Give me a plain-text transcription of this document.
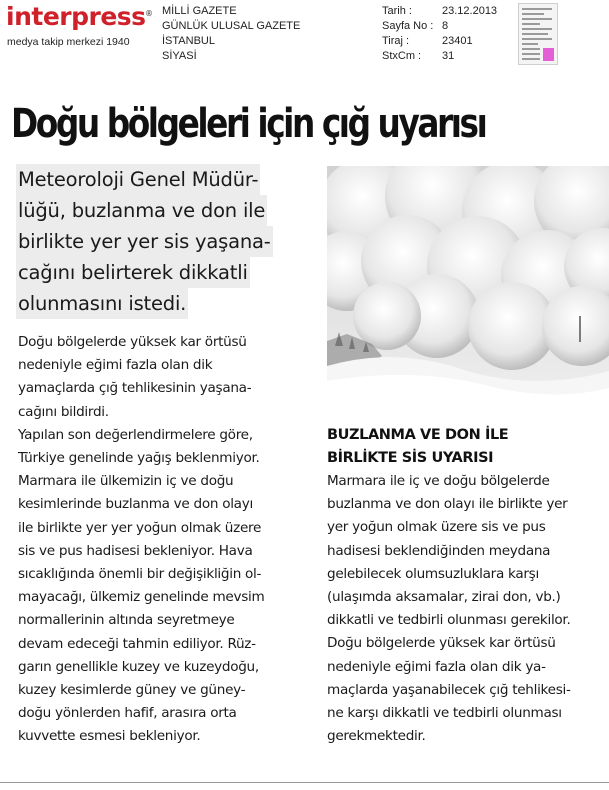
interpress ®
medya takip merkezi 1940
MİLLİ GAZETE
GÜNLÜK ULUSAL GAZETE
İSTANBUL
SİYASİ
Tarih :	23.12.2013
Sayfa No : 8
Tiraj :	23401
StxCm : 31
Doğu bölgeleri için çığ uyarısı
Meteoroloji Genel Müdür-
lüğü, buzlanma ve don ile
birlikte yer yer sis yaşana-
cağını belirterek dikkatli
olunmasını istedi.
Doğu bölgelerde yüksek kar örtüsü
nedeniyle eğimi fazla olan dik
yamaçlarda çığ tehlikesinin yaşana-
cağını bildirdi.
Yapılan son değerlendirmelere göre,
Türkiye genelinde yağış beklenmiyor.
Marmara ile ülkemizin iç ve doğu
kesimlerinde buzlanma ve don olayı
ile birlikte yer yer yoğun olmak üzere
sis ve pus hadisesi bekleniyor. Hava
sıcaklığında önemli bir değişikliğin ol-
mayacağı, ülkemiz genelinde mevsim
normallerinin altında seyretmeye
devam edeceği tahmin ediliyor. Rüz-
garın genellikle kuzey ve kuzeydoğu,
kuzey kesimlerde güney ve güney-
doğu yönlerden hafif, arasıra orta
kuvvette esmesi bekleniyor.
BUZLANMA VE DON İLE
BİRLİKTE SİS UYARISI
Marmara ile iç ve doğu bölgelerde
buzlanma ve don olayı ile birlikte yer
yer yoğun olmak üzere sis ve pus
hadisesi beklendiğinden meydana
gelebilecek olumsuzluklara karşı
(ulaşımda aksamalar, zirai don, vb.)
dikkatli ve tedbirli olunması gerekilor.
Doğu bölgelerde yüksek kar örtüsü
nedeniyle eğimi fazla olan dik ya-
maçlarda yaşanabilecek çığ tehlikesi-
ne karşı dikkatli ve tedbirli olunması
gerekmektedir.
